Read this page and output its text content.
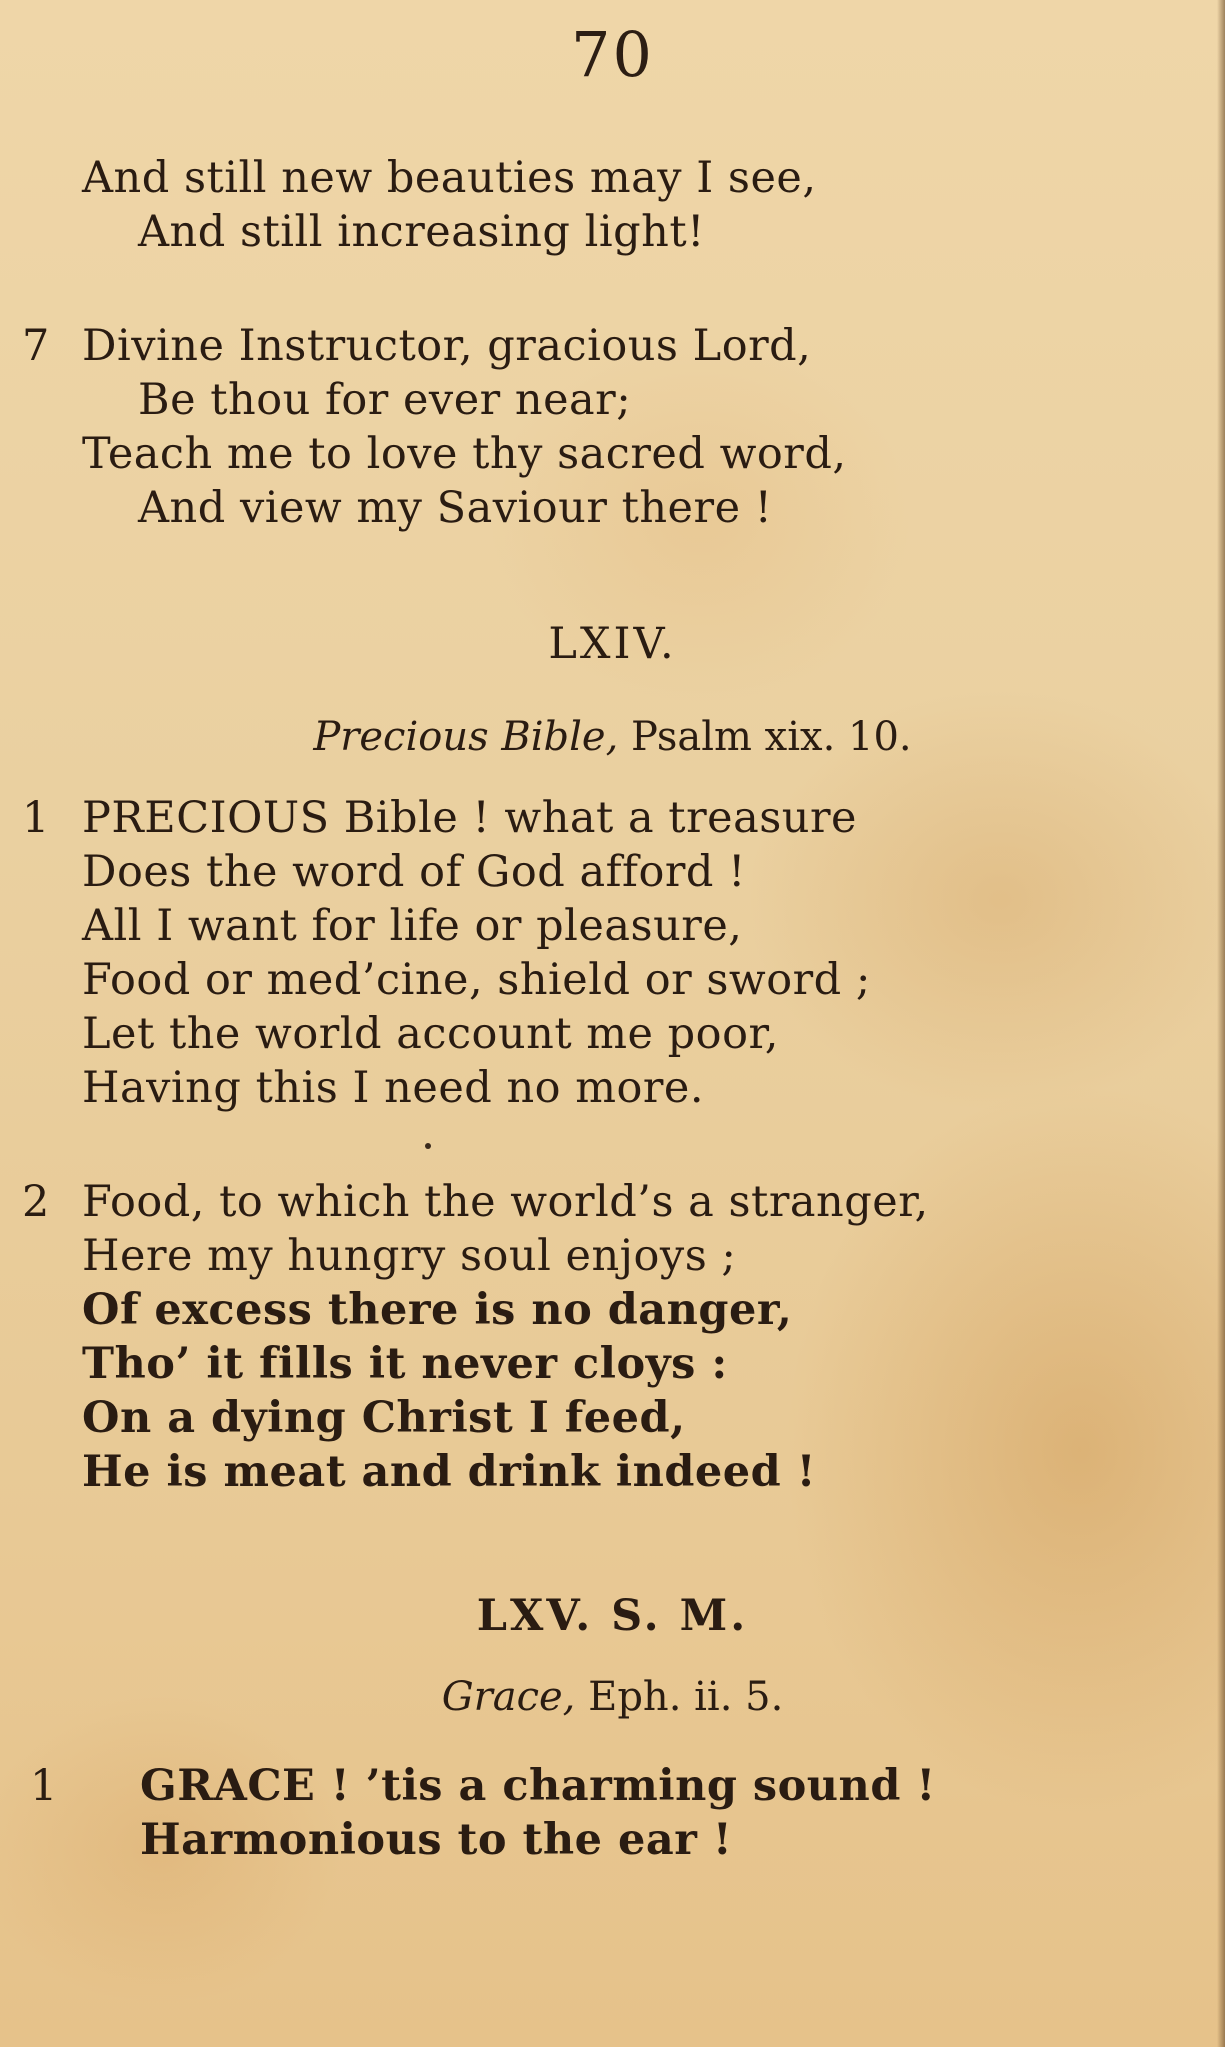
70
And still new beauties may I see,
And still increasing light!
7 Divine Instructor, gracious Lord,
Be thou for ever near;
Teach me to love thy sacred word,
And view my Saviour there !
LXIV.
Precious Bible, Psalm xix. 10.
1 PRECIOUS Bible ! what a treasure
Does the word of God afford !
All I want for life or pleasure,
Food or med’cine, shield or sword ;
Let the world account me poor,
Having this I need no more.
2 Food, to which the world’s a stranger,
Here my hungry soul enjoys ;
Of excess there is no danger,
Tho’ it fills it never cloys :
On a dying Christ I feed,
He is meat and drink indeed !
LXV. S. M.
Grace, Eph. ii. 5.
1 GRACE ! ’tis a charming sound !
Harmonious to the ear !
